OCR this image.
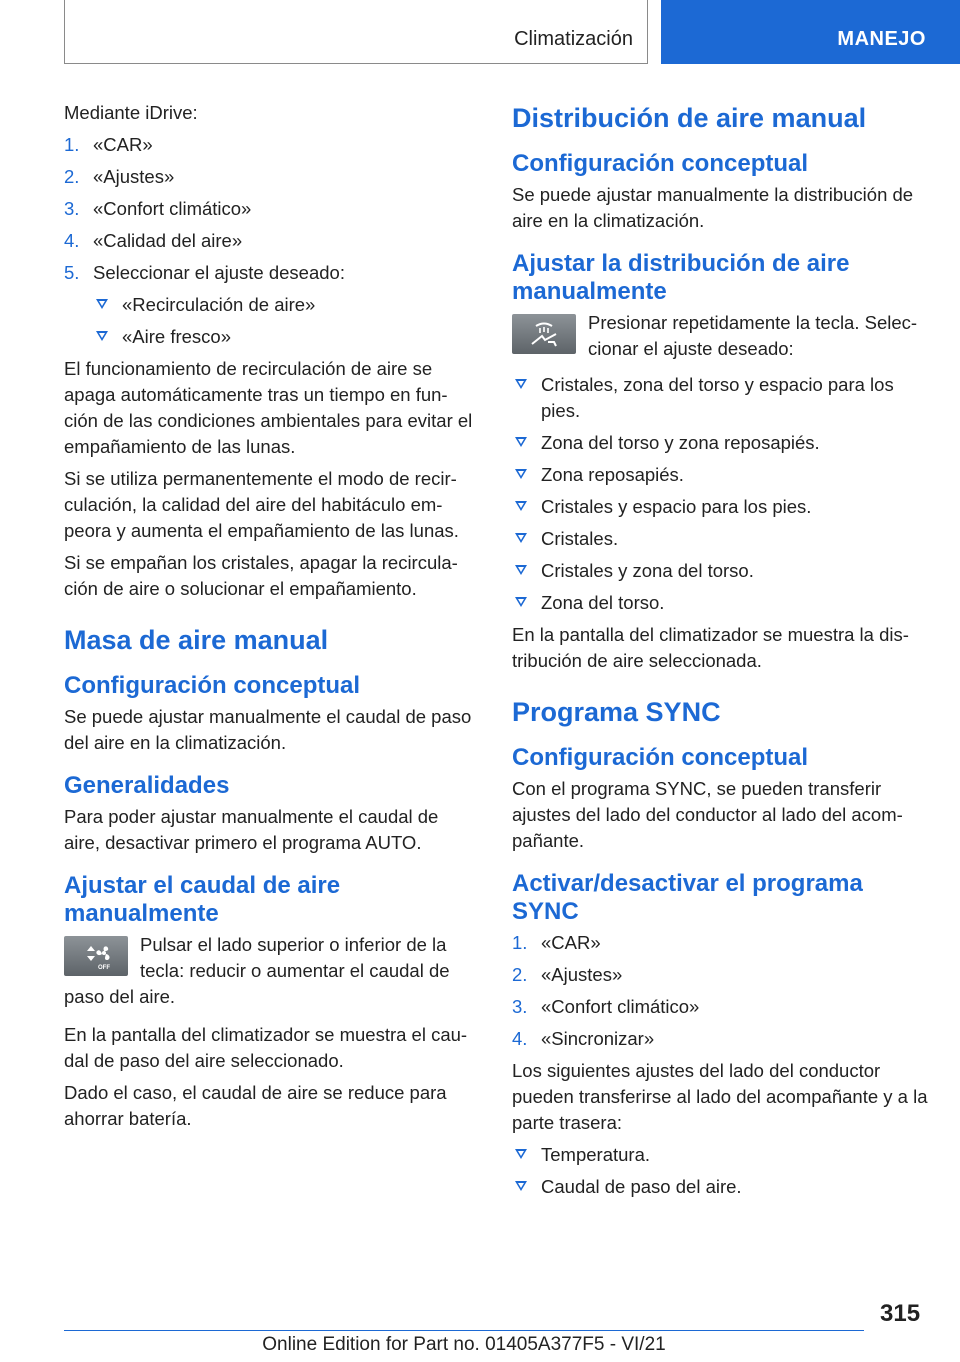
Climatización	MANEJO

Mediante iDrive:

1. «CAR»
2. «Ajustes»
3. «Confort climático»
4. «Calidad del aire»
5. Seleccionar el ajuste deseado:
«Recirculación de aire»
«Aire fresco»

El funcionamiento de recirculación de aire se apaga automáticamente tras un tiempo en fun‐ ción de las condiciones ambientales para evitar el empañamiento de las lunas.

Si se utiliza permanentemente el modo de recir‐ culación, la calidad del aire del habitáculo em‐ peora y aumenta el empañamiento de las lunas.

Si se empañan los cristales, apagar la recircula‐ ción de aire o solucionar el empañamiento.

Masa de aire manual
Configuración conceptual

Se puede ajustar manualmente el caudal de paso del aire en la climatización.

Generalidades

Para poder ajustar manualmente el caudal de aire, desactivar primero el programa AUTO.

Ajustar el caudal de aire manualmente
OFF
Pulsar el lado superior o inferior de la tecla: reducir o aumentar el caudal de paso del aire.

En la pantalla del climatizador se muestra el cau‐ dal de paso del aire seleccionado.

Dado el caso, el caudal de aire se reduce para ahorrar batería.

Distribución de aire manual
Configuración conceptual

Se puede ajustar manualmente la distribución de aire en la climatización.

Ajustar la distribución de aire manualmente
Presionar repetidamente la tecla. Selec‐ cionar el ajuste deseado:
Cristales, zona del torso y espacio para los pies.
Zona del torso y zona reposapiés.
Zona reposapiés.
Cristales y espacio para los pies.
Cristales.
Cristales y zona del torso.
Zona del torso.

En la pantalla del climatizador se muestra la dis‐ tribución de aire seleccionada.

Programa SYNC
Configuración conceptual

Con el programa SYNC, se pueden transferir ajustes del lado del conductor al lado del acom‐ pañante.

Activar/desactivar el programa SYNC
1. «CAR»
2. «Ajustes»
3. «Confort climático»
4. «Sincronizar»

Los siguientes ajustes del lado del conductor pueden transferirse al lado del acompañante y a la parte trasera:

Temperatura.
Caudal de paso del aire.
315
Online Edition for Part no. 01405A377F5 - VI/21
